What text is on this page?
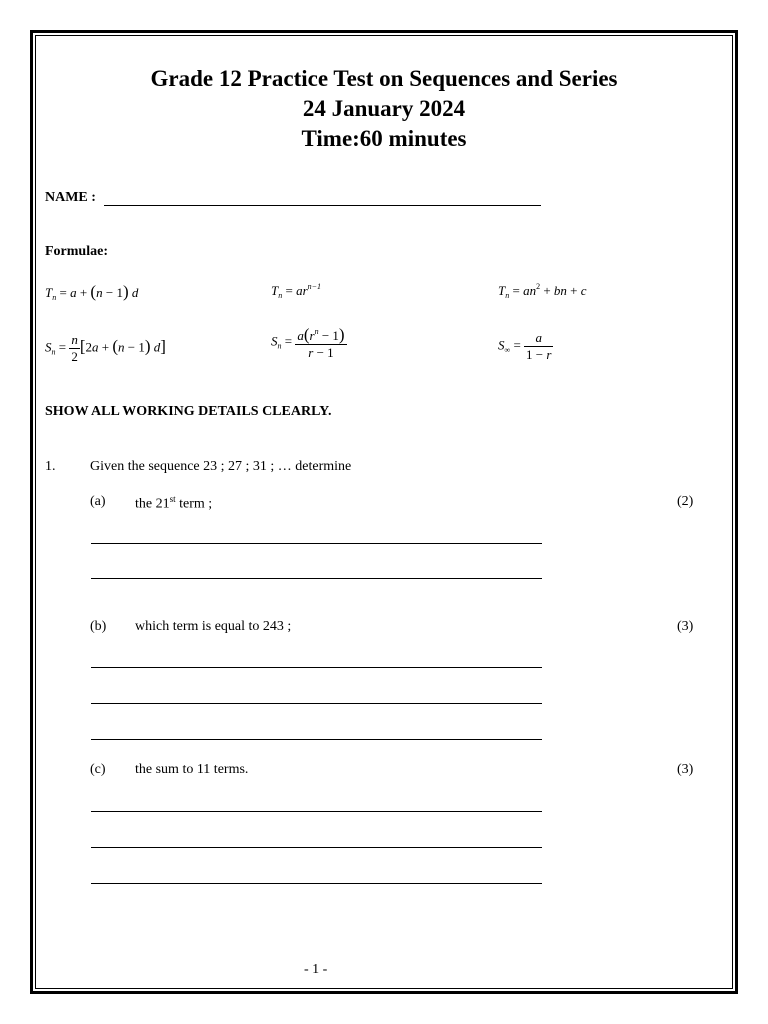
Grade 12 Practice Test on Sequences and Series
24 January 2024
Time:60 minutes
NAME :
Formulae:
$T_n = a + (n - 1)$ d	$T_n = ar^{n-1}$	$T_n = an^2$ + bn + c
$S_n = \frac{n}{2} [2a + (n - 1)$ d]	$S_n = \frac{a(r^n - 1)}{r - 1}$	$S_\infty = \frac{a}{1 - r}$
SHOW ALL WORKING DETAILS CLEARLY.
1. Given the sequence 23 ; 27 ; 31 ; … determine
(a) the 21st term ;	(2)
(b) which term is equal to 243 ;	(3)
(c) the sum to 11 terms.	(3)
- 1 -
